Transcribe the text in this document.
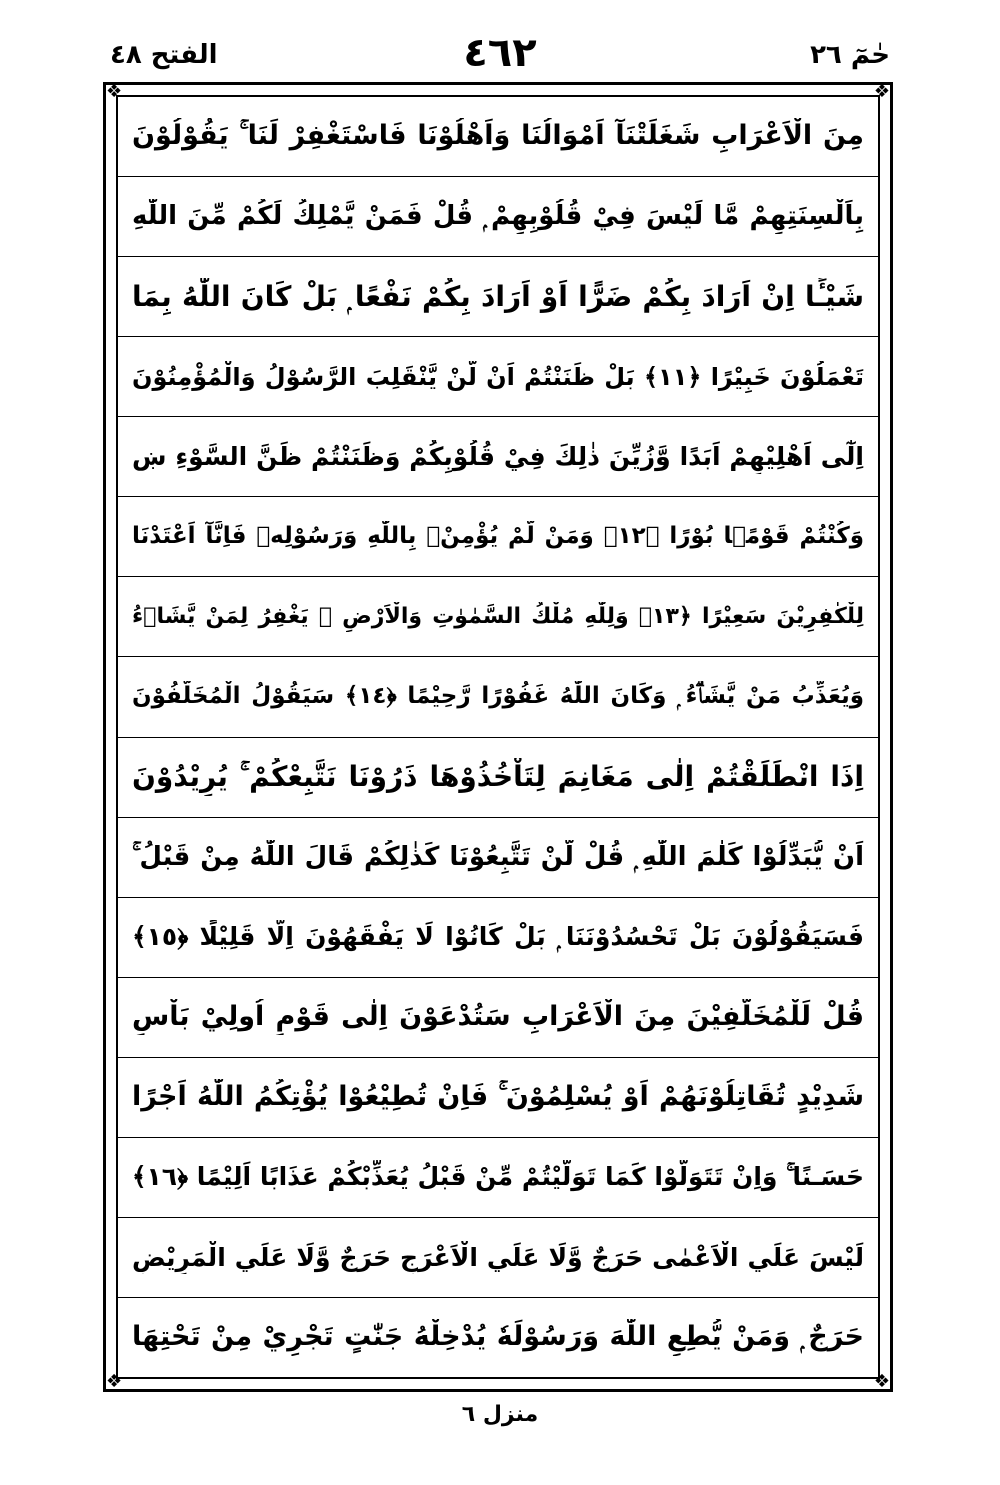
حٰمٓ ٢٦
٤٦٢
الفتح ٤٨
❖	❖
❖	❖
مِنَ الْاَعْرَابِ شَغَلَتْنَآ اَمْوَالُنَا وَاَهْلُوْنَا فَاسْتَغْفِرْ لَنَا ۚ يَقُوْلُوْنَ
بِاَلْسِنَتِهِمْ مَّا لَيْسَ فِيْ قُلُوْبِهِمْ ۭ قُلْ فَمَنْ يَّمْلِكُ لَكُمْ مِّنَ اللّٰهِ
شَيْـًٔا اِنْ اَرَادَ بِكُمْ ضَرًّا اَوْ اَرَادَ بِكُمْ نَفْعًا ۭ بَلْ كَانَ اللّٰهُ بِمَا
تَعْمَلُوْنَ خَبِيْرًا ﴿١١﴾ بَلْ ظَنَنْتُمْ اَنْ لَّنْ يَّنْقَلِبَ الرَّسُوْلُ وَالْمُؤْمِنُوْنَ
اِلٰٓى اَهْلِيْهِمْ اَبَدًا وَّزُيِّنَ ذٰلِكَ فِيْ قُلُوْبِكُمْ وَظَنَنْتُمْ ظَنَّ السَّوْءِ ښ
وَكُنْتُمْ قَوْمًۢا بُوْرًا ﴿١٢﴾ وَمَنْ لَّمْ يُؤْمِنْۢ بِاللّٰهِ وَرَسُوْلِهٖ فَاِنَّآ اَعْتَدْنَا
لِلْكٰفِرِيْنَ سَعِيْرًا ﴿١٣﴾ وَلِلّٰهِ مُلْكُ السَّمٰوٰتِ وَالْاَرْضِ ۭ يَغْفِرُ لِمَنْ يَّشَاۗءُ
وَيُعَذِّبُ مَنْ يَّشَاۗءُ ۭ وَكَانَ اللّٰهُ غَفُوْرًا رَّحِيْمًا ﴿١٤﴾ سَيَقُوْلُ الْمُخَلَّفُوْنَ
اِذَا انْطَلَقْتُمْ اِلٰى مَغَانِمَ لِتَاْخُذُوْهَا ذَرُوْنَا نَتَّبِعْكُمْ ۚ يُرِيْدُوْنَ
اَنْ يُّبَدِّلُوْا كَلٰمَ اللّٰهِ ۭ قُلْ لَّنْ تَتَّبِعُوْنَا كَذٰلِكُمْ قَالَ اللّٰهُ مِنْ قَبْلُ ۚ
فَسَيَقُوْلُوْنَ بَلْ تَحْسُدُوْنَنَا ۭ بَلْ كَانُوْا لَا يَفْقَهُوْنَ اِلَّا قَلِيْلًا ﴿١٥﴾
قُلْ لِّلْمُخَلَّفِيْنَ مِنَ الْاَعْرَابِ سَتُدْعَوْنَ اِلٰى قَوْمٍ اُولِيْ بَاْسٍ
شَدِيْدٍ تُقَاتِلُوْنَهُمْ اَوْ يُسْلِمُوْنَ ۚ فَاِنْ تُطِيْعُوْا يُؤْتِكُمُ اللّٰهُ اَجْرًا
حَسَـنًا ۚ وَاِنْ تَتَوَلَّوْا كَمَا تَوَلَّيْتُمْ مِّنْ قَبْلُ يُعَذِّبْكُمْ عَذَابًا اَلِيْمًا ﴿١٦﴾
لَيْسَ عَلَي الْاَعْمٰى حَرَجٌ وَّلَا عَلَي الْاَعْرَجِ حَرَجٌ وَّلَا عَلَي الْمَرِيْضِ
حَرَجٌ ۭ وَمَنْ يُّطِعِ اللّٰهَ وَرَسُوْلَهٗ يُدْخِلْهُ جَنّٰتٍ تَجْرِيْ مِنْ تَحْتِهَا
منزل ٦
